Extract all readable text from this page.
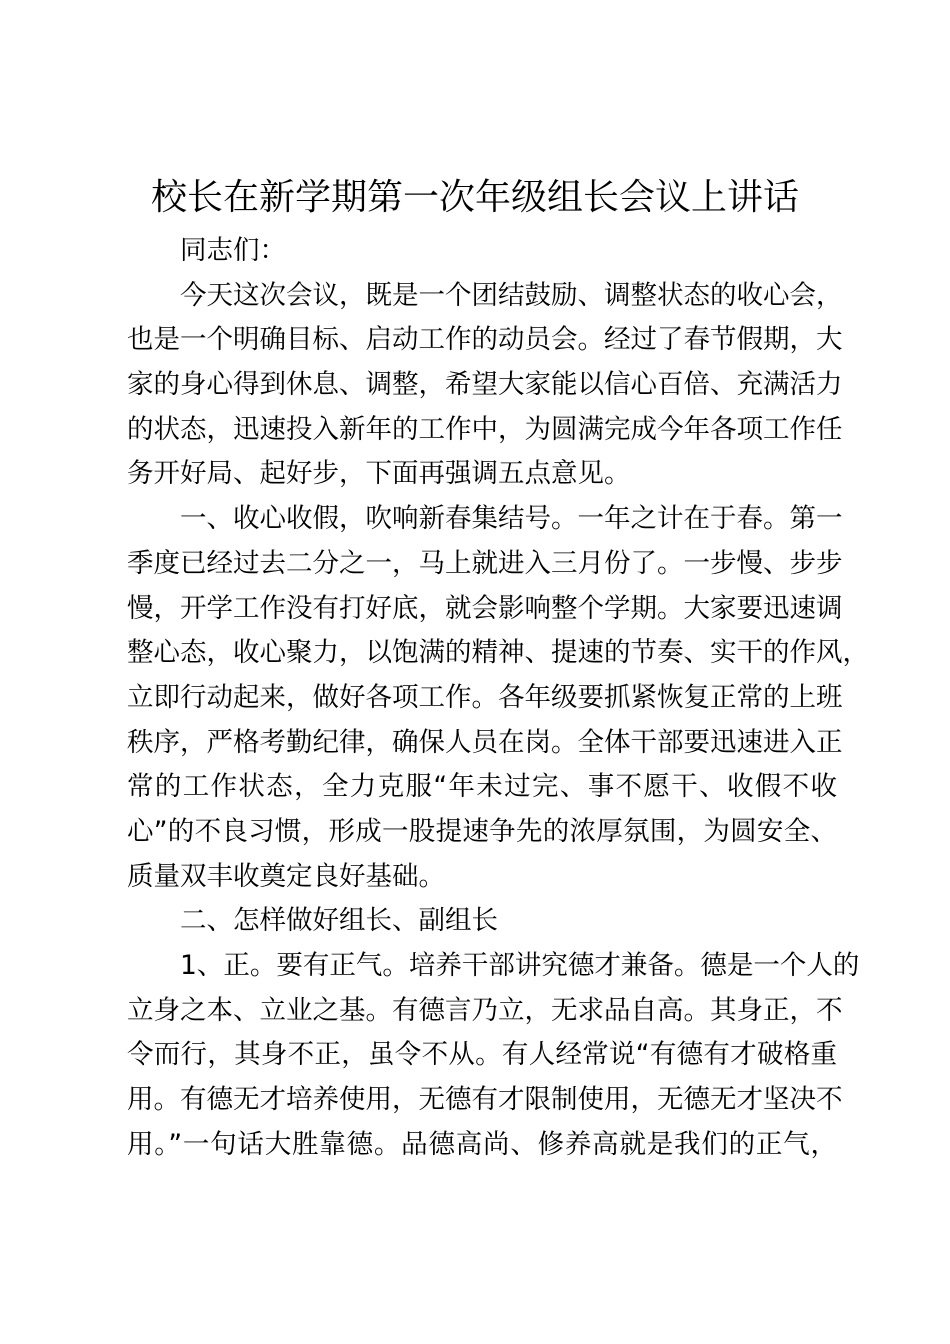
校长在新学期第一次年级组长会议上讲话
同志们：
今天这次会议，既是一个团结鼓励、调整状态的收心会，
也是一个明确目标、启动工作的动员会。经过了春节假期，大
家的身心得到休息、调整，希望大家能以信心百倍、充满活力
的状态，迅速投入新年的工作中，为圆满完成今年各项工作任
务开好局、起好步，下面再强调五点意见。
一、收心收假，吹响新春集结号。一年之计在于春。第一
季度已经过去二分之一，马上就进入三月份了。一步慢、步步
慢，开学工作没有打好底，就会影响整个学期。大家要迅速调
整心态，收心聚力，以饱满的精神、提速的节奏、实干的作风，
立即行动起来，做好各项工作。各年级要抓紧恢复正常的上班
秩序，严格考勤纪律，确保人员在岗。全体干部要迅速进入正
常的工作状态，全力克服“年未过完、事不愿干、收假不收
心”的不良习惯，形成一股提速争先的浓厚氛围，为圆安全、
质量双丰收奠定良好基础。
二、怎样做好组长、副组长
1、正。要有正气。培养干部讲究德才兼备。德是一个人的
立身之本、立业之基。有德言乃立，无求品自高。其身正，不
令而行，其身不正，虽令不从。有人经常说“有德有才破格重
用。有德无才培养使用，无德有才限制使用，无德无才坚决不
用。”一句话大胜靠德。品德高尚、修养高就是我们的正气，
